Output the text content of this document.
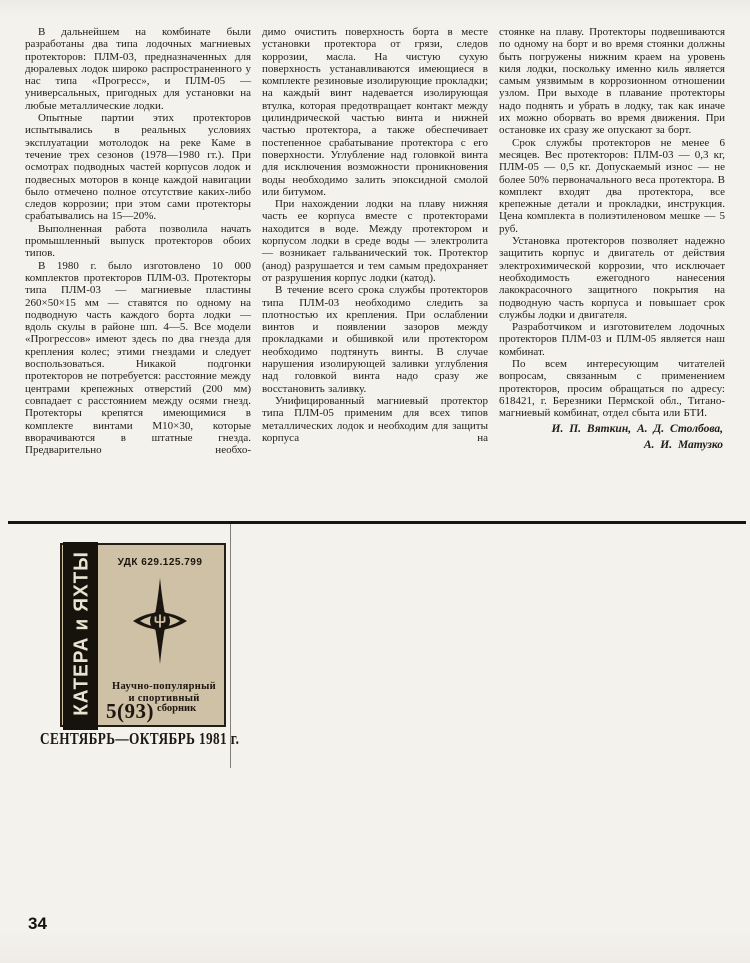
В дальнейшем на комбинате были разработаны два типа лодочных магниевых протекторов: ПЛМ-03, предназначенных для дюралевых лодок широко распространенного у нас типа «Прогресс», и ПЛМ-05 — универсальных, пригодных для установки на любые металлические лодки.

Опытные партии этих протекторов испытывались в реальных условиях эксплуатации мотолодок на реке Каме в течение трех сезонов (1978—1980 гг.). При осмотрах подводных частей корпусов лодок и подвесных моторов в конце каждой навигации было отмечено полное отсутствие каких-либо следов коррозии; при этом сами протекторы срабатывались на 15—20%.

Выполненная работа позволила начать промышленный выпуск протекторов обоих типов.

В 1980 г. было изготовлено 10 000 комплектов протекторов ПЛМ-03. Протекторы типа ПЛМ-03 — магниевые пластины 260×50×15 мм — ставятся по одному на подводную часть каждого борта лодки — вдоль скулы в районе шп. 4—5. Все модели «Прогрессов» имеют здесь по два гнезда для крепления колес; этими гнездами и следует воспользоваться. Никакой подгонки протекторов не потребуется: расстояние между центрами крепежных отверстий (200 мм) совпадает с расстоянием между осями гнезд. Протекторы крепятся имеющимися в комплекте винтами М10×30, которые вворачиваются в штатные гнезда. Предварительно необхо-

димо очистить поверхность борта в месте установки протектора от грязи, следов коррозии, масла. На чистую сухую поверхность устанавливаются имеющиеся в комплекте резиновые изолирующие прокладки; на каждый винт надевается изолирующая втулка, которая предотвращает контакт между цилиндрической частью винта и нижней частью протектора, а также обеспечивает постепенное срабатывание протектора с его поверхности. Углубление над головкой винта для исключения возможности проникновения воды необходимо залить эпоксидной смолой или битумом.

При нахождении лодки на плаву нижняя часть ее корпуса вместе с протекторами находится в воде. Между протектором и корпусом лодки в среде воды — электролита — возникает гальванический ток. Протектор (анод) разрушается и тем самым предохраняет от разрушения корпус лодки (катод).

В течение всего срока службы протекторов типа ПЛМ-03 необходимо следить за плотностью их крепления. При ослаблении винтов и появлении зазоров между прокладками и обшивкой или протектором необходимо подтянуть винты. В случае нарушения изолирующей заливки углубления над головкой винта надо сразу же восстановить заливку.

Унифицированный магниевый протектор типа ПЛМ-05 применим для всех типов металлических лодок и необходим для защиты корпуса на

стоянке на плаву. Протекторы подвешиваются по одному на борт и во время стоянки должны быть погружены нижним краем на уровень киля лодки, поскольку именно киль является самым уязвимым в коррозионном отношении узлом. При выходе в плавание протекторы надо поднять и убрать в лодку, так как иначе их можно оборвать во время движения. При остановке их сразу же опускают за борт.

Срок службы протекторов не менее 6 месяцев. Вес протекторов: ПЛМ-03 — 0,3 кг, ПЛМ-05 — 0,5 кг. Допускаемый износ — не более 50% первоначального веса протектора. В комплект входят два протектора, все крепежные детали и прокладки, инструкция. Цена комплекта в полиэтиленовом мешке — 5 руб.

Установка протекторов позволяет надежно защитить корпус и двигатель от действия электрохимической коррозии, что исключает необходимость ежегодного нанесения лакокрасочного защитного покрытия на подводную часть корпуса и повышает срок службы лодки и двигателя.

Разработчиком и изготовителем лодочных протекторов ПЛМ-03 и ПЛМ-05 является наш комбинат.

По всем интересующим читателей вопросам, связанным с применением протекторов, просим обращаться по адресу: 618421, г. Березники Пермской обл., Титано-магниевый комбинат, отдел сбыта или БТИ.

И. П. Вяткин, А. Д. Столбова,

А. И. Матузко

КАТЕРА и ЯХТЫ	УДК 629.125.799
Научно-популярный
и спортивный
5(93) сборник
СЕНТЯБРЬ—ОКТЯБРЬ 1981 г.
34
